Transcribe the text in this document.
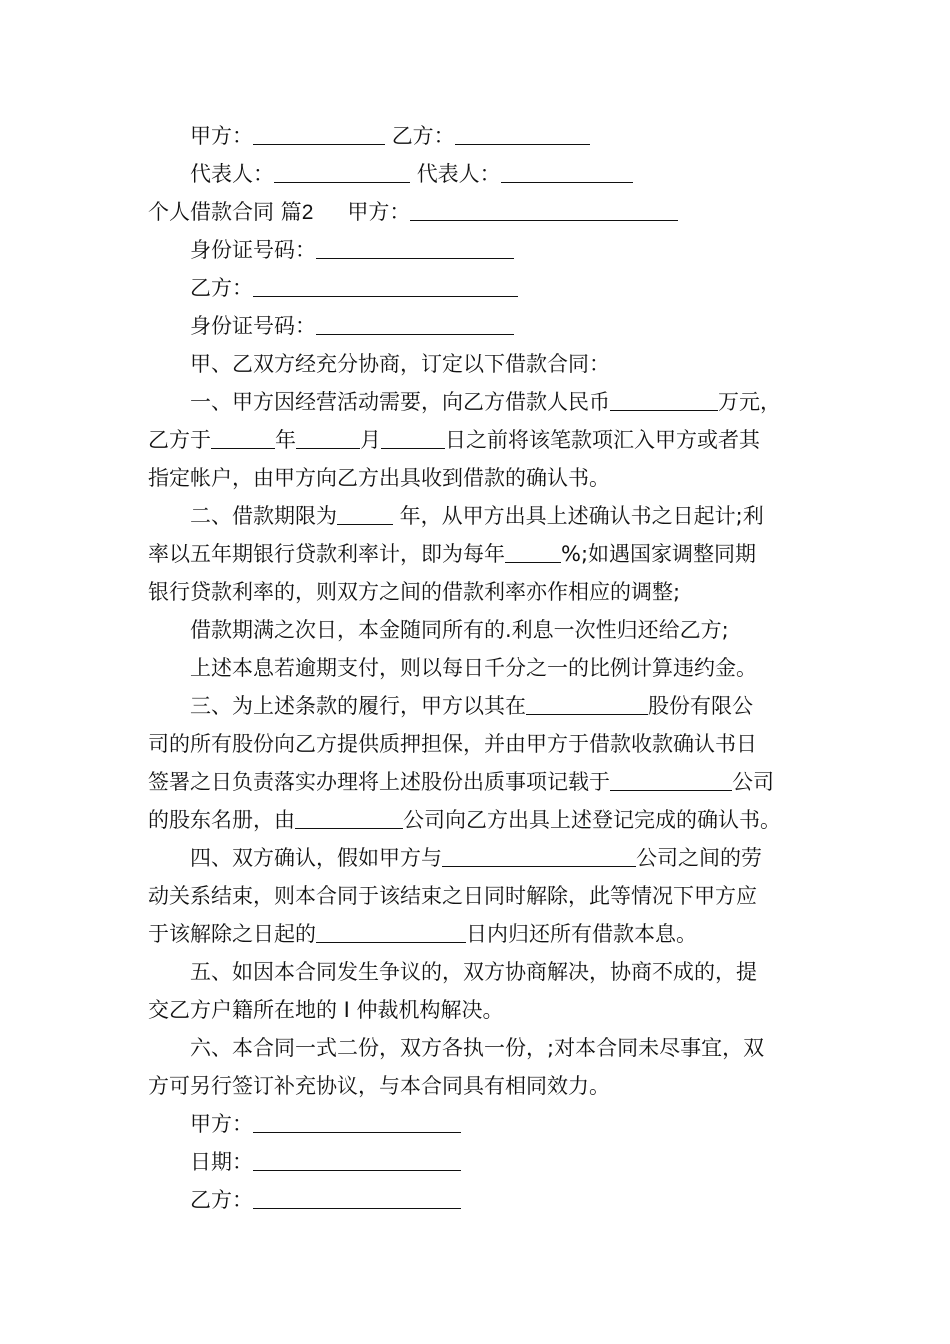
甲方：	乙方：
代表人：	代表人：
个人借款合同 篇2 甲方：
身份证号码：
乙方：
身份证号码：
甲、乙双方经充分协商，订定以下借款合同：
一、甲方因经营活动需要，向乙方借款人民币	万元，
乙方于	年	月	日之前将该笔款项汇入甲方或者其
指定帐户，由甲方向乙方出具收到借款的确认书。
二、借款期限为	年，从甲方出具上述确认书之日起计;利
率以五年期银行贷款利率计，即为每年	%;如遇国家调整同期
银行贷款利率的，则双方之间的借款利率亦作相应的调整;
借款期满之次日，本金随同所有的.利息一次性归还给乙方;
上述本息若逾期支付，则以每日千分之一的比例计算违约金。
三、为上述条款的履行，甲方以其在	股份有限公
司的所有股份向乙方提供质押担保，并由甲方于借款收款确认书日
签署之日负责落实办理将上述股份出质事项记载于	公司
的股东名册，由	公司向乙方出具上述登记完成的确认书。
四、双方确认，假如甲方与	公司之间的劳
动关系结束，则本合同于该结束之日同时解除，此等情况下甲方应
于该解除之日起的	日内归还所有借款本息。
五、如因本合同发生争议的，双方协商解决，协商不成的，提
交乙方户籍所在地的 I 仲裁机构解决。
六、本合同一式二份，双方各执一份，;对本合同未尽事宜，双
方可另行签订补充协议，与本合同具有相同效力。
甲方：
日期：
乙方：
